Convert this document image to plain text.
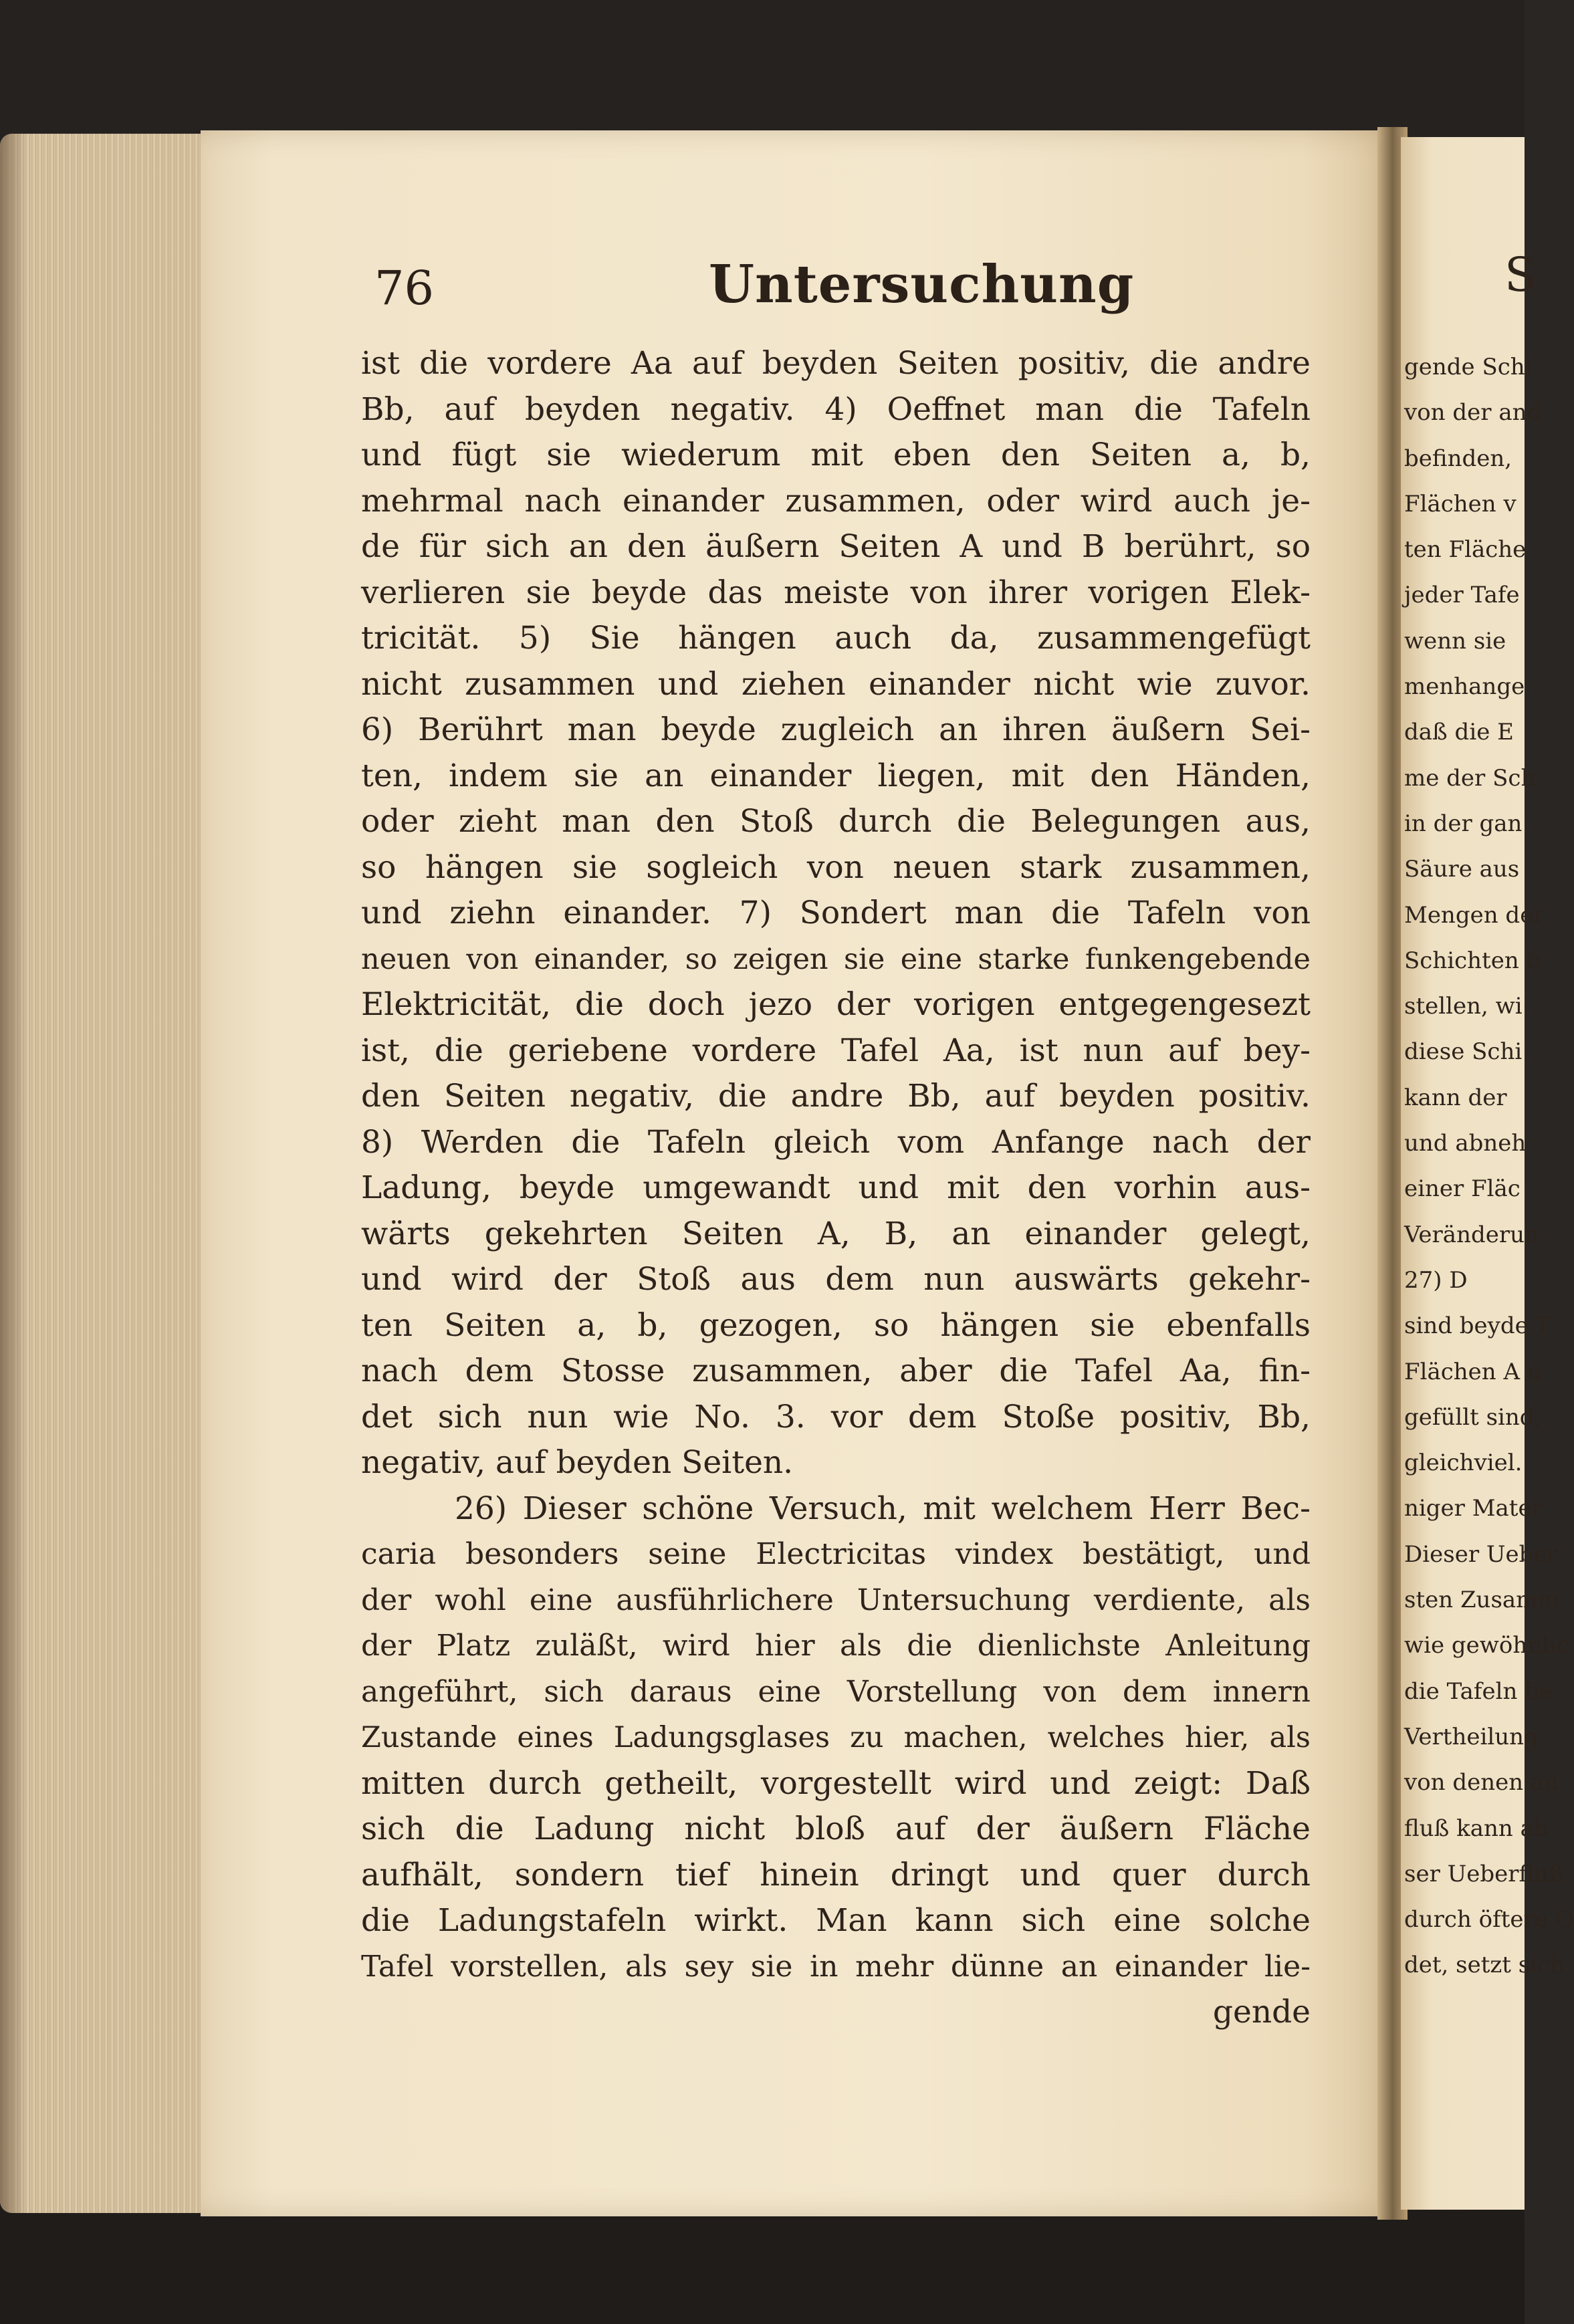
76	Untersuchung
ist die vordere Aa auf beyden Seiten positiv, die andre
Bb, auf beyden negativ. 4) Oeffnet man die Tafeln
und fügt sie wiederum mit eben den Seiten a, b,
mehrmal nach einander zusammen, oder wird auch je-
de für sich an den äußern Seiten A und B berührt, so
verlieren sie beyde das meiste von ihrer vorigen Elek-
tricität. 5) Sie hängen auch da, zusammengefügt
nicht zusammen und ziehen einander nicht wie zuvor.
6) Berührt man beyde zugleich an ihren äußern Sei-
ten, indem sie an einander liegen, mit den Händen,
oder zieht man den Stoß durch die Belegungen aus,
so hängen sie sogleich von neuen stark zusammen,
und ziehn einander. 7) Sondert man die Tafeln von
neuen von einander, so zeigen sie eine starke funkengebende
Elektricität, die doch jezo der vorigen entgegengesezt
ist, die geriebene vordere Tafel Aa, ist nun auf bey-
den Seiten negativ, die andre Bb, auf beyden positiv.
8) Werden die Tafeln gleich vom Anfange nach der
Ladung, beyde umgewandt und mit den vorhin aus-
wärts gekehrten Seiten A, B, an einander gelegt,
und wird der Stoß aus dem nun auswärts gekehr-
ten Seiten a, b, gezogen, so hängen sie ebenfalls
nach dem Stosse zusammen, aber die Tafel Aa, fin-
det sich nun wie No. 3. vor dem Stoße positiv, Bb,
negativ, auf beyden Seiten.
26) Dieser schöne Versuch, mit welchem Herr Bec-
caria besonders seine Electricitas vindex bestätigt, und
der wohl eine ausführlichere Untersuchung verdiente, als
der Platz zuläßt, wird hier als die dienlichste Anleitung
angeführt, sich daraus eine Vorstellung von dem innern
Zustande eines Ladungsglases zu machen, welches hier, als
mitten durch getheilt, vorgestellt wird und zeigt: Daß
sich die Ladung nicht bloß auf der äußern Fläche
aufhält, sondern tief hinein dringt und quer durch
die Ladungstafeln wirkt. Man kann sich eine solche
Tafel vorstellen, als sey sie in mehr dünne an einander lie-
gende
S
gende Schi
von der and
befinden,
Flächen v
ten Fläche
jeder Tafe
wenn sie
menhange
daß die E
me der Sch
in der gan
Säure aus
Mengen der
Schichten b
stellen, wi
diese Schi
kann der
und abneh
einer Fläc
Veränderun
27) D
sind beyde T
Flächen A u
gefüllt sind,
gleichviel.
niger Mater
Dieser Ueber
sten Zusamm
wie gewöhnlic
die Tafeln be
Vertheilung
von denen au
fluß kann ab
ser Ueberfluß
durch öftere O
det, setzt sich
